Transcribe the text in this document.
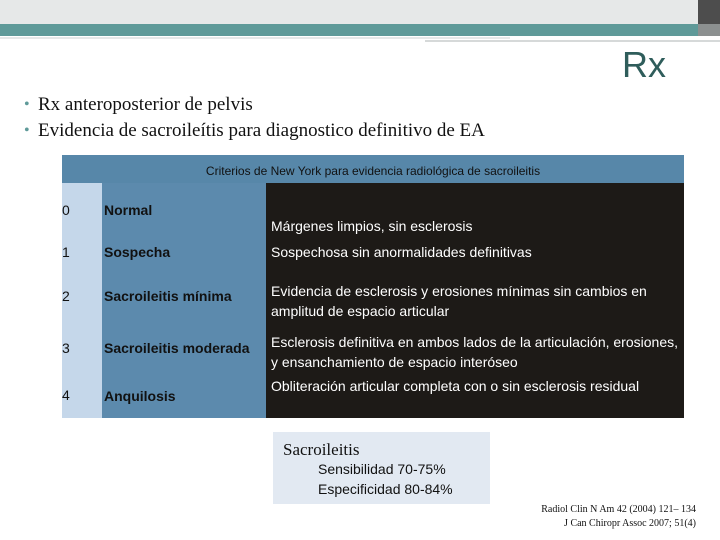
Rx
• Rx anteroposterior de pelvis
• Evidencia de sacroileítis para diagnostico definitivo de EA
Criterios de New York para evidencia radiológica de sacroileitis
0 Normal
Márgenes limpios, sin esclerosis
1 Sospecha	Sospechosa sin anormalidades definitivas
2 Sacroileitis mínima	Evidencia de esclerosis y erosiones mínimas sin cambios en amplitud de espacio articular
3 Sacroileitis moderada Esclerosis definitiva en ambos lados de la articulación, erosiones, y ensanchamiento de espacio interóseo
4 Anquilosis
Obliteración articular completa con o sin esclerosis residual
Sacroileitis
Sensibilidad 70-75%
Especificidad 80-84%
Radiol Clin N Am 42 (2004) 121– 134
J Can Chiropr Assoc 2007; 51(4)
